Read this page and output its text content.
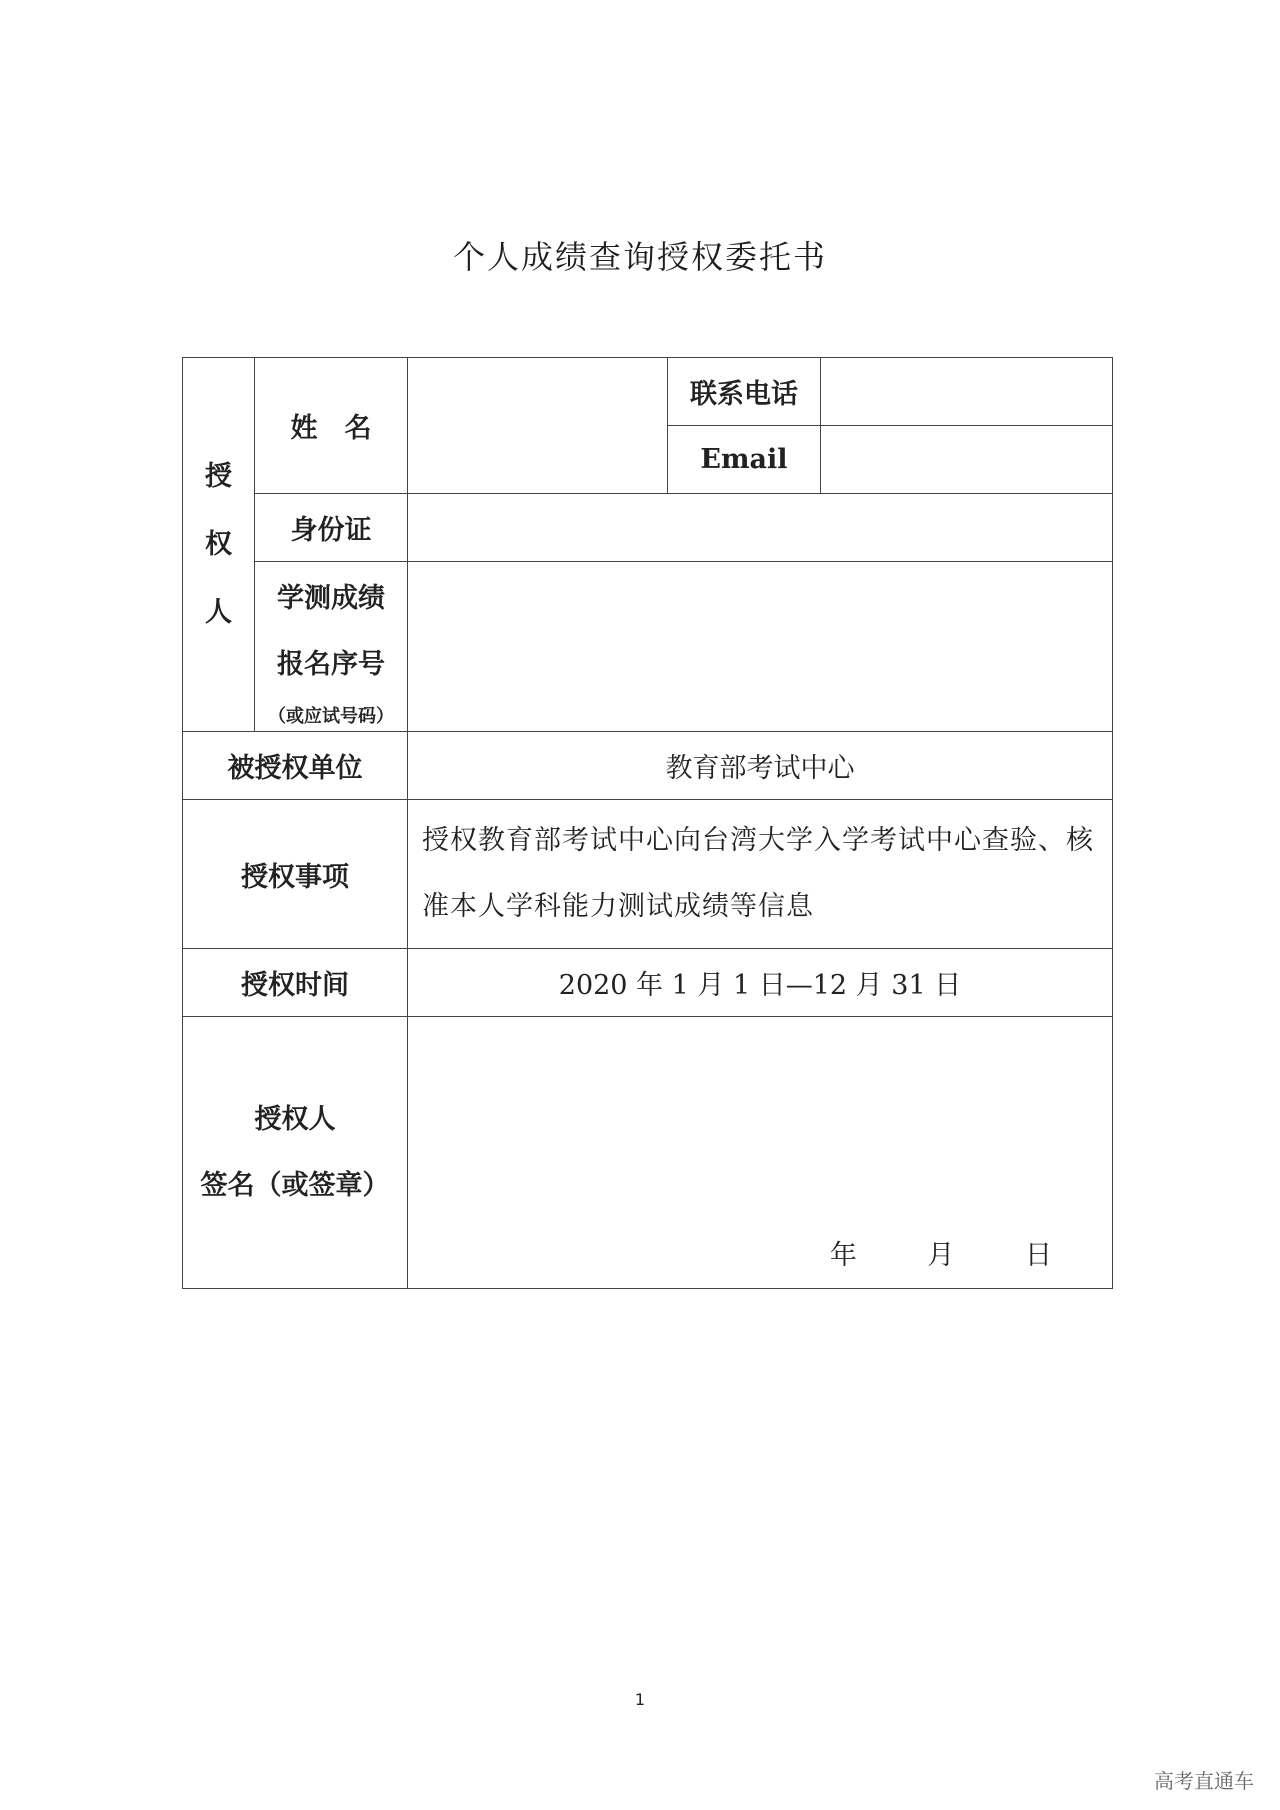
个人成绩查询授权委托书
授
权
人	姓　名		联系电话	
			Email	
	身份证			

	学测成绩
报名序号
（或应试号码）			

被授权单位		教育部考试中心		
授权事项		授权教育部考试中心向台湾大学入学考试中心查验、核准本人学科能力测试成绩等信息		
授权时间		2020 年 1 月 1 日—12 月 31 日		

授权人
签名（或签章）		年 月 日		
1
高考直通车
